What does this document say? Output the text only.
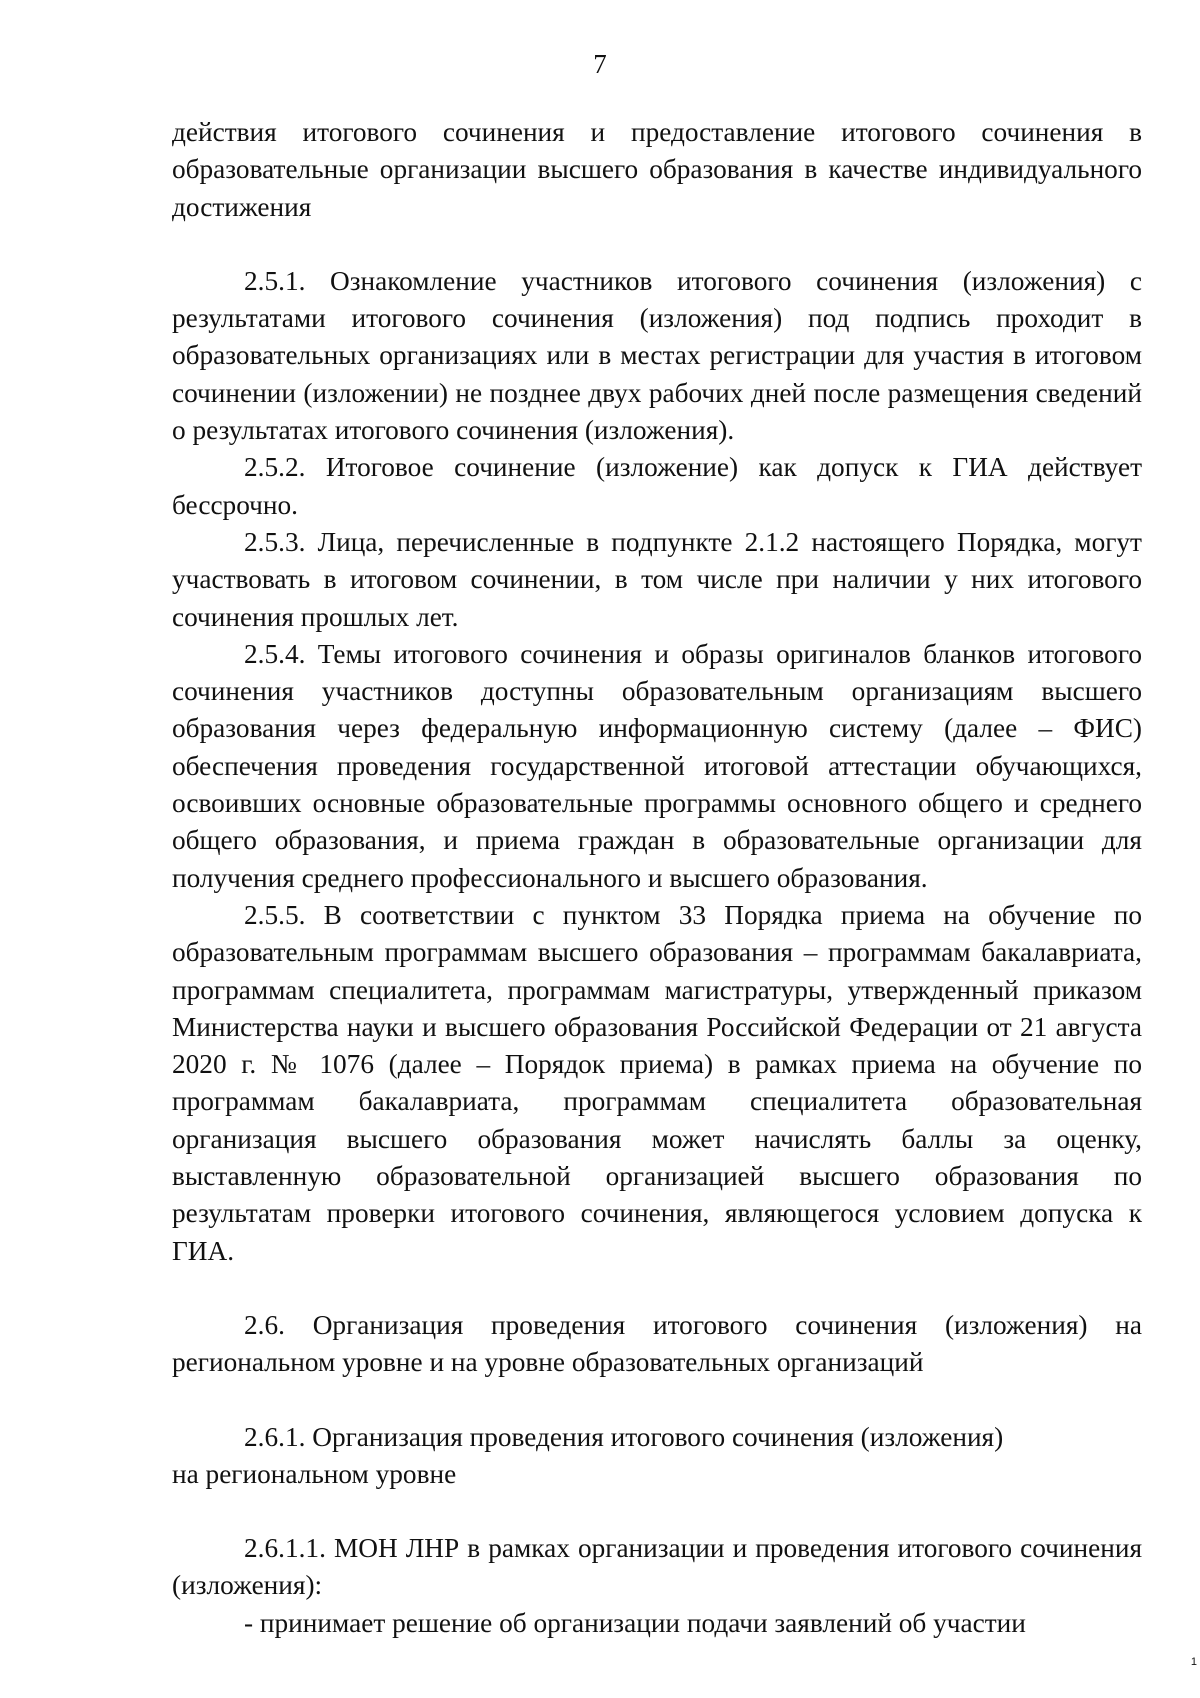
7

действия итогового сочинения и предоставление итогового сочинения в образовательные организации высшего образования в качестве индивидуального достижения

2.5.1. Ознакомление участников итогового сочинения (изложения) с результатами итогового сочинения (изложения) под подпись проходит в образовательных организациях или в местах регистрации для участия в итоговом сочинении (изложении) не позднее двух рабочих дней после размещения сведений о результатах итогового сочинения (изложения).

2.5.2. Итоговое сочинение (изложение) как допуск к ГИА действует бессрочно.

2.5.3. Лица, перечисленные в подпункте 2.1.2 настоящего Порядка, могут участвовать в итоговом сочинении, в том числе при наличии у них итогового сочинения прошлых лет.

2.5.4. Темы итогового сочинения и образы оригиналов бланков итогового сочинения участников доступны образовательным организациям высшего образования через федеральную информационную систему (далее – ФИС) обеспечения проведения государственной итоговой аттестации обучающихся, освоивших основные образовательные программы основного общего и среднего общего образования, и приема граждан в образовательные организации для получения среднего профессионального и высшего образования.

2.5.5. В соответствии с пунктом 33 Порядка приема на обучение по образовательным программам высшего образования – программам бакалавриата, программам специалитета, программам магистратуры, утвержденный приказом Министерства науки и высшего образования Российской Федерации от 21 августа 2020 г. № 1076 (далее – Порядок приема) в рамках приема на обучение по программам бакалавриата, программам специалитета образовательная организация высшего образования может начислять баллы за оценку, выставленную образовательной организацией высшего образования по результатам проверки итогового сочинения, являющегося условием допуска к ГИА.

2.6. Организация проведения итогового сочинения (изложения) на региональном уровне и на уровне образовательных организаций

2.6.1. Организация проведения итогового сочинения (изложения)

на региональном уровне

2.6.1.1. МОН ЛНР в рамках организации и проведения итогового сочинения (изложения):

- принимает решение об организации подачи заявлений об участии

1
